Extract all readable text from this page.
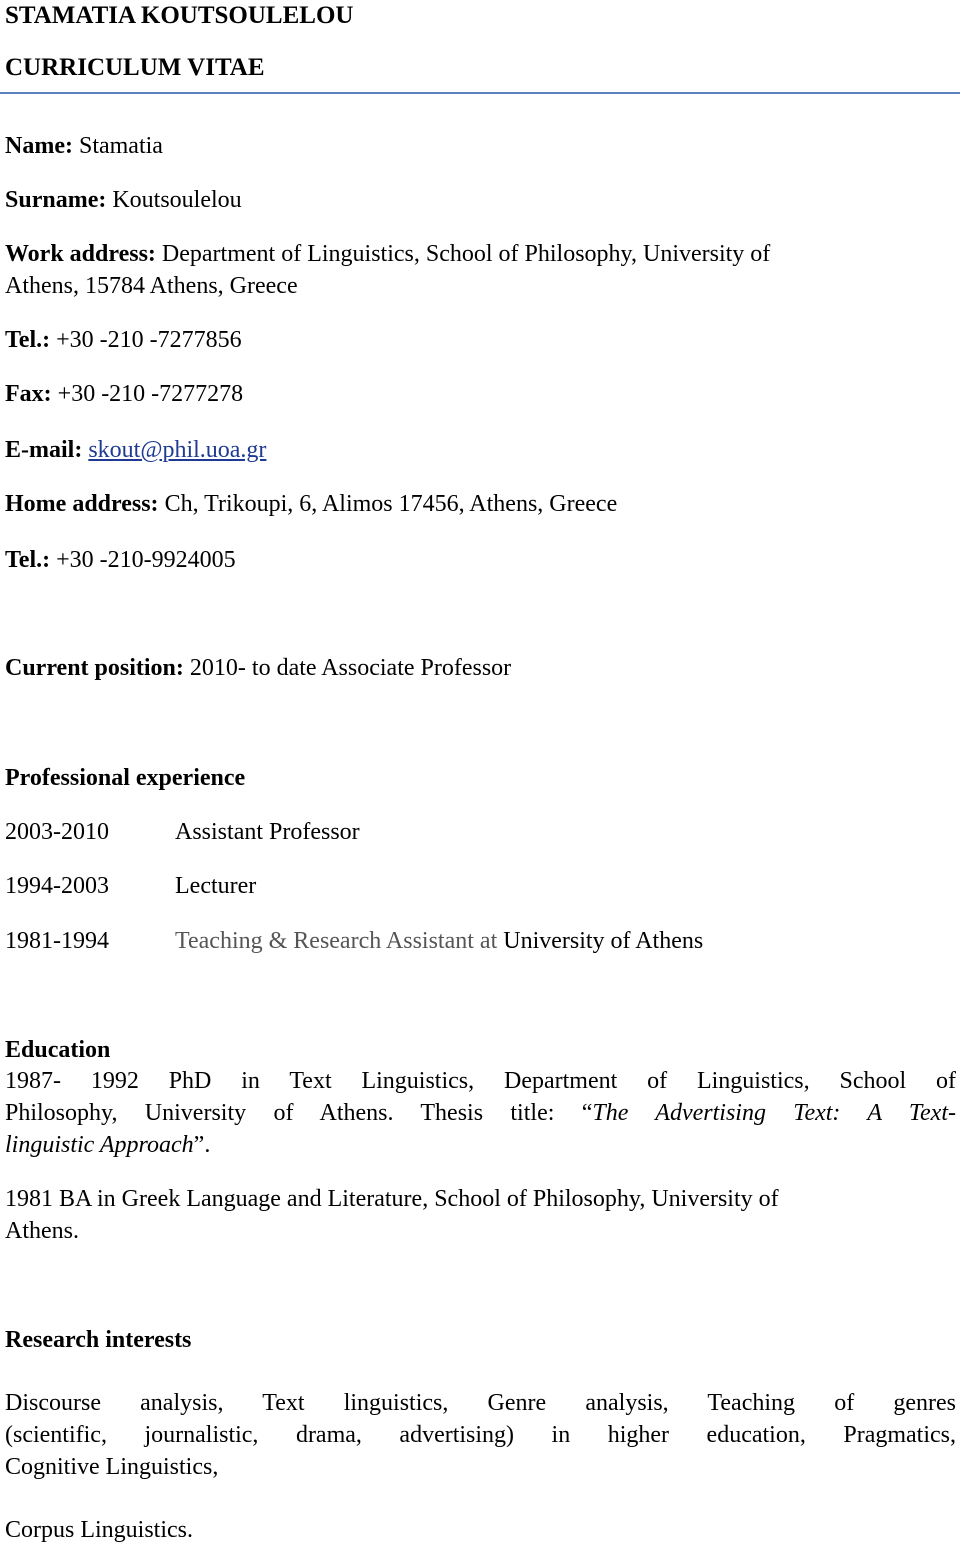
STAMATIA KOUTSOULELOU
CURRICULUM VITAE
Name: Stamatia
Surname: Koutsoulelou
Work address: Department of Linguistics, School of Philosophy, University of
Athens, 15784 Athens, Greece
Tel.: +30 -210 -7277856
Fax: +30 -210 -7277278
E-mail: skout@phil.uoa.gr
Home address: Ch, Trikoupi, 6, Alimos 17456, Athens, Greece
Tel.: +30 -210-9924005
Current position: 2010- to date Associate Professor
Professional experience
2003-2010	Assistant Professor
1994-2003	Lecturer
1981-1994	Teaching & Research Assistant at University of Athens
Education
1987- 1992 PhD in Text Linguistics, Department of Linguistics, School of
Philosophy, University of Athens. Thesis title: “The Advertising Text: A Text-
linguistic Approach”.
1981 BA in Greek Language and Literature, School of Philosophy, University of
Athens.
Research interests
Discourse analysis, Text linguistics, Genre analysis, Teaching of genres
(scientific, journalistic, drama, advertising) in higher education, Pragmatics,
Cognitive Linguistics,
Corpus Linguistics.
